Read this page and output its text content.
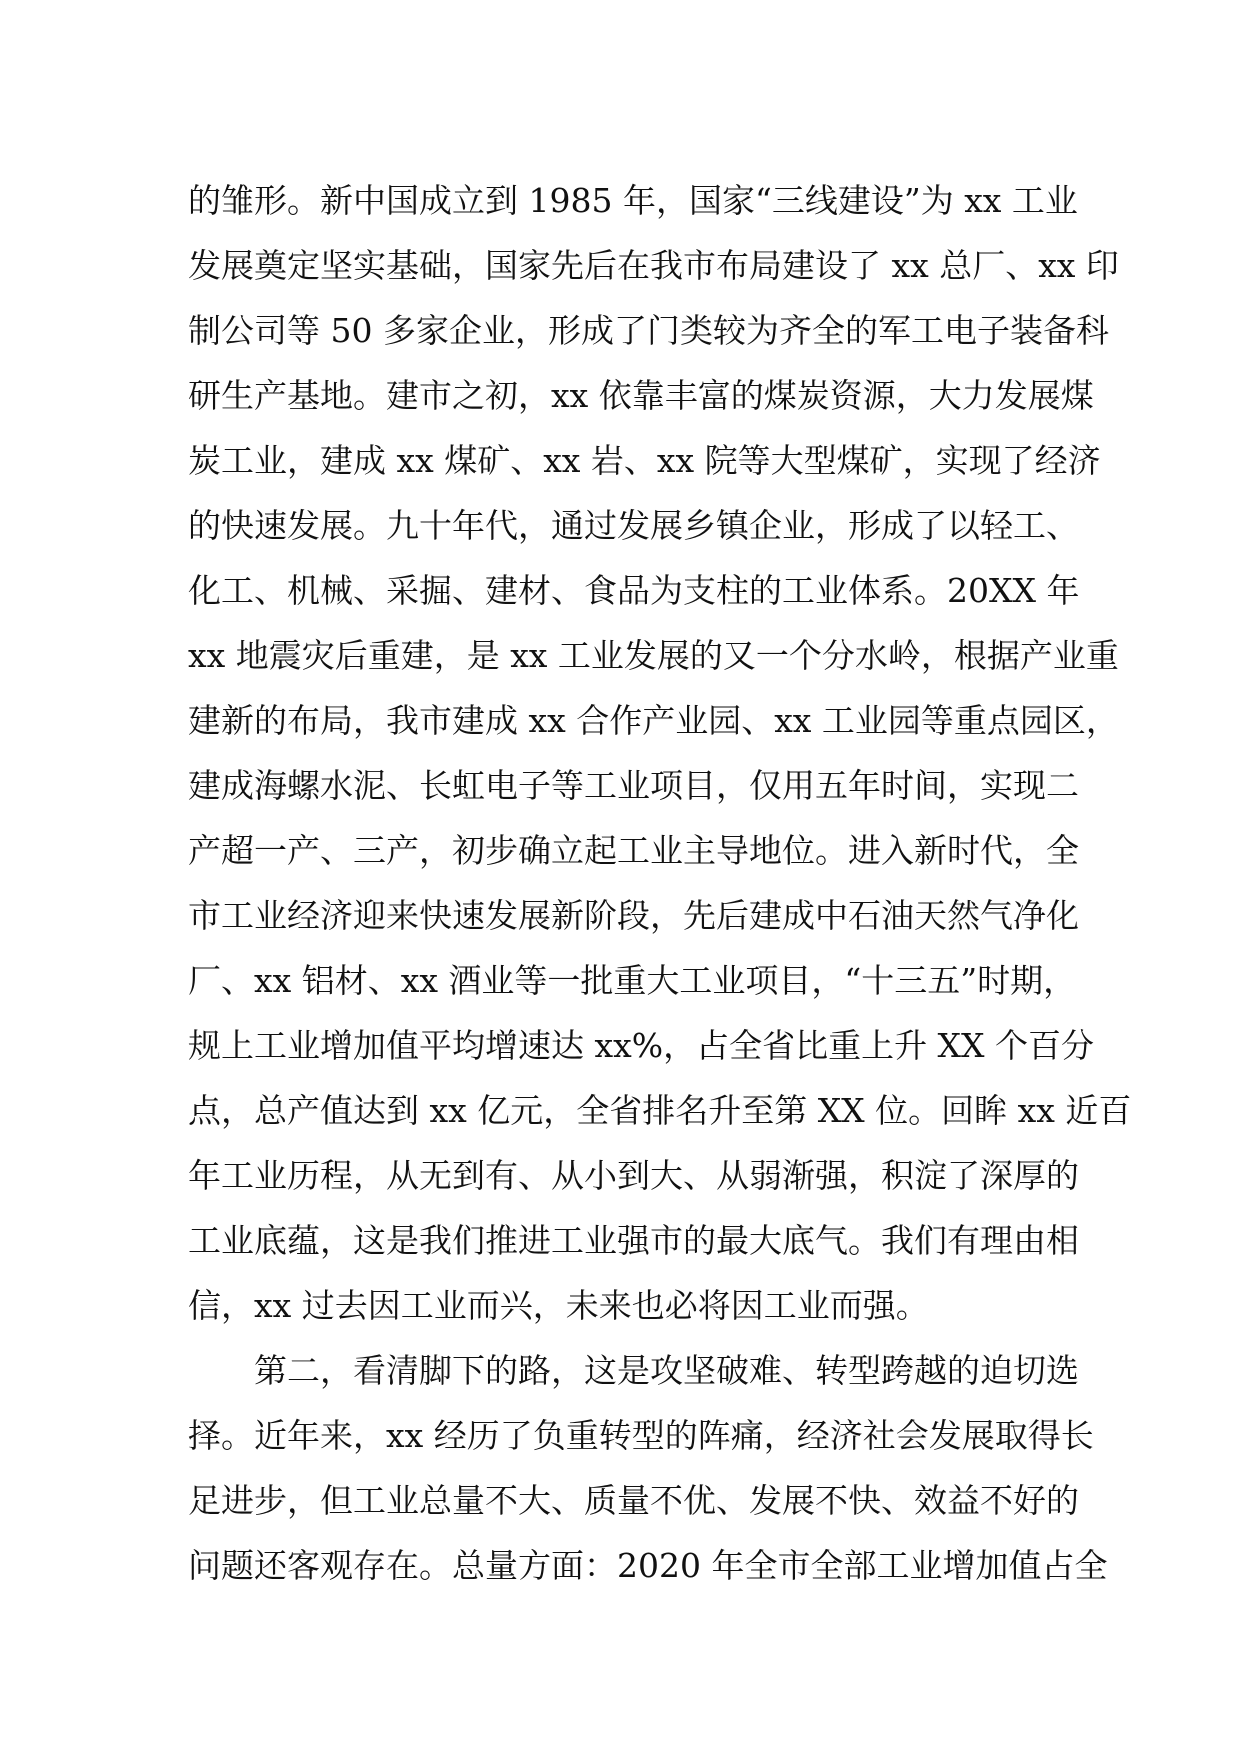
的雏形。新中国成立到 1985 年，国家“三线建设”为 xx 工业
发展奠定坚实基础，国家先后在我市布局建设了 xx 总厂、xx 印
制公司等 50 多家企业，形成了门类较为齐全的军工电子装备科
研生产基地。建市之初，xx 依靠丰富的煤炭资源，大力发展煤
炭工业，建成 xx 煤矿、xx 岩、xx 院等大型煤矿，实现了经济
的快速发展。九十年代，通过发展乡镇企业，形成了以轻工、
化工、机械、采掘、建材、食品为支柱的工业体系。20XX 年
xx 地震灾后重建，是 xx 工业发展的又一个分水岭，根据产业重
建新的布局，我市建成 xx 合作产业园、xx 工业园等重点园区，
建成海螺水泥、长虹电子等工业项目，仅用五年时间，实现二
产超一产、三产，初步确立起工业主导地位。进入新时代，全
市工业经济迎来快速发展新阶段，先后建成中石油天然气净化
厂、xx 铝材、xx 酒业等一批重大工业项目，“十三五”时期，
规上工业增加值平均增速达 xx%，占全省比重上升 XX 个百分
点，总产值达到 xx 亿元，全省排名升至第 XX 位。回眸 xx 近百
年工业历程，从无到有、从小到大、从弱渐强，积淀了深厚的
工业底蕴，这是我们推进工业强市的最大底气。我们有理由相
信，xx 过去因工业而兴，未来也必将因工业而强。
第二，看清脚下的路，这是攻坚破难、转型跨越的迫切选
择。近年来，xx 经历了负重转型的阵痛，经济社会发展取得长
足进步，但工业总量不大、质量不优、发展不快、效益不好的
问题还客观存在。总量方面：2020 年全市全部工业增加值占全
